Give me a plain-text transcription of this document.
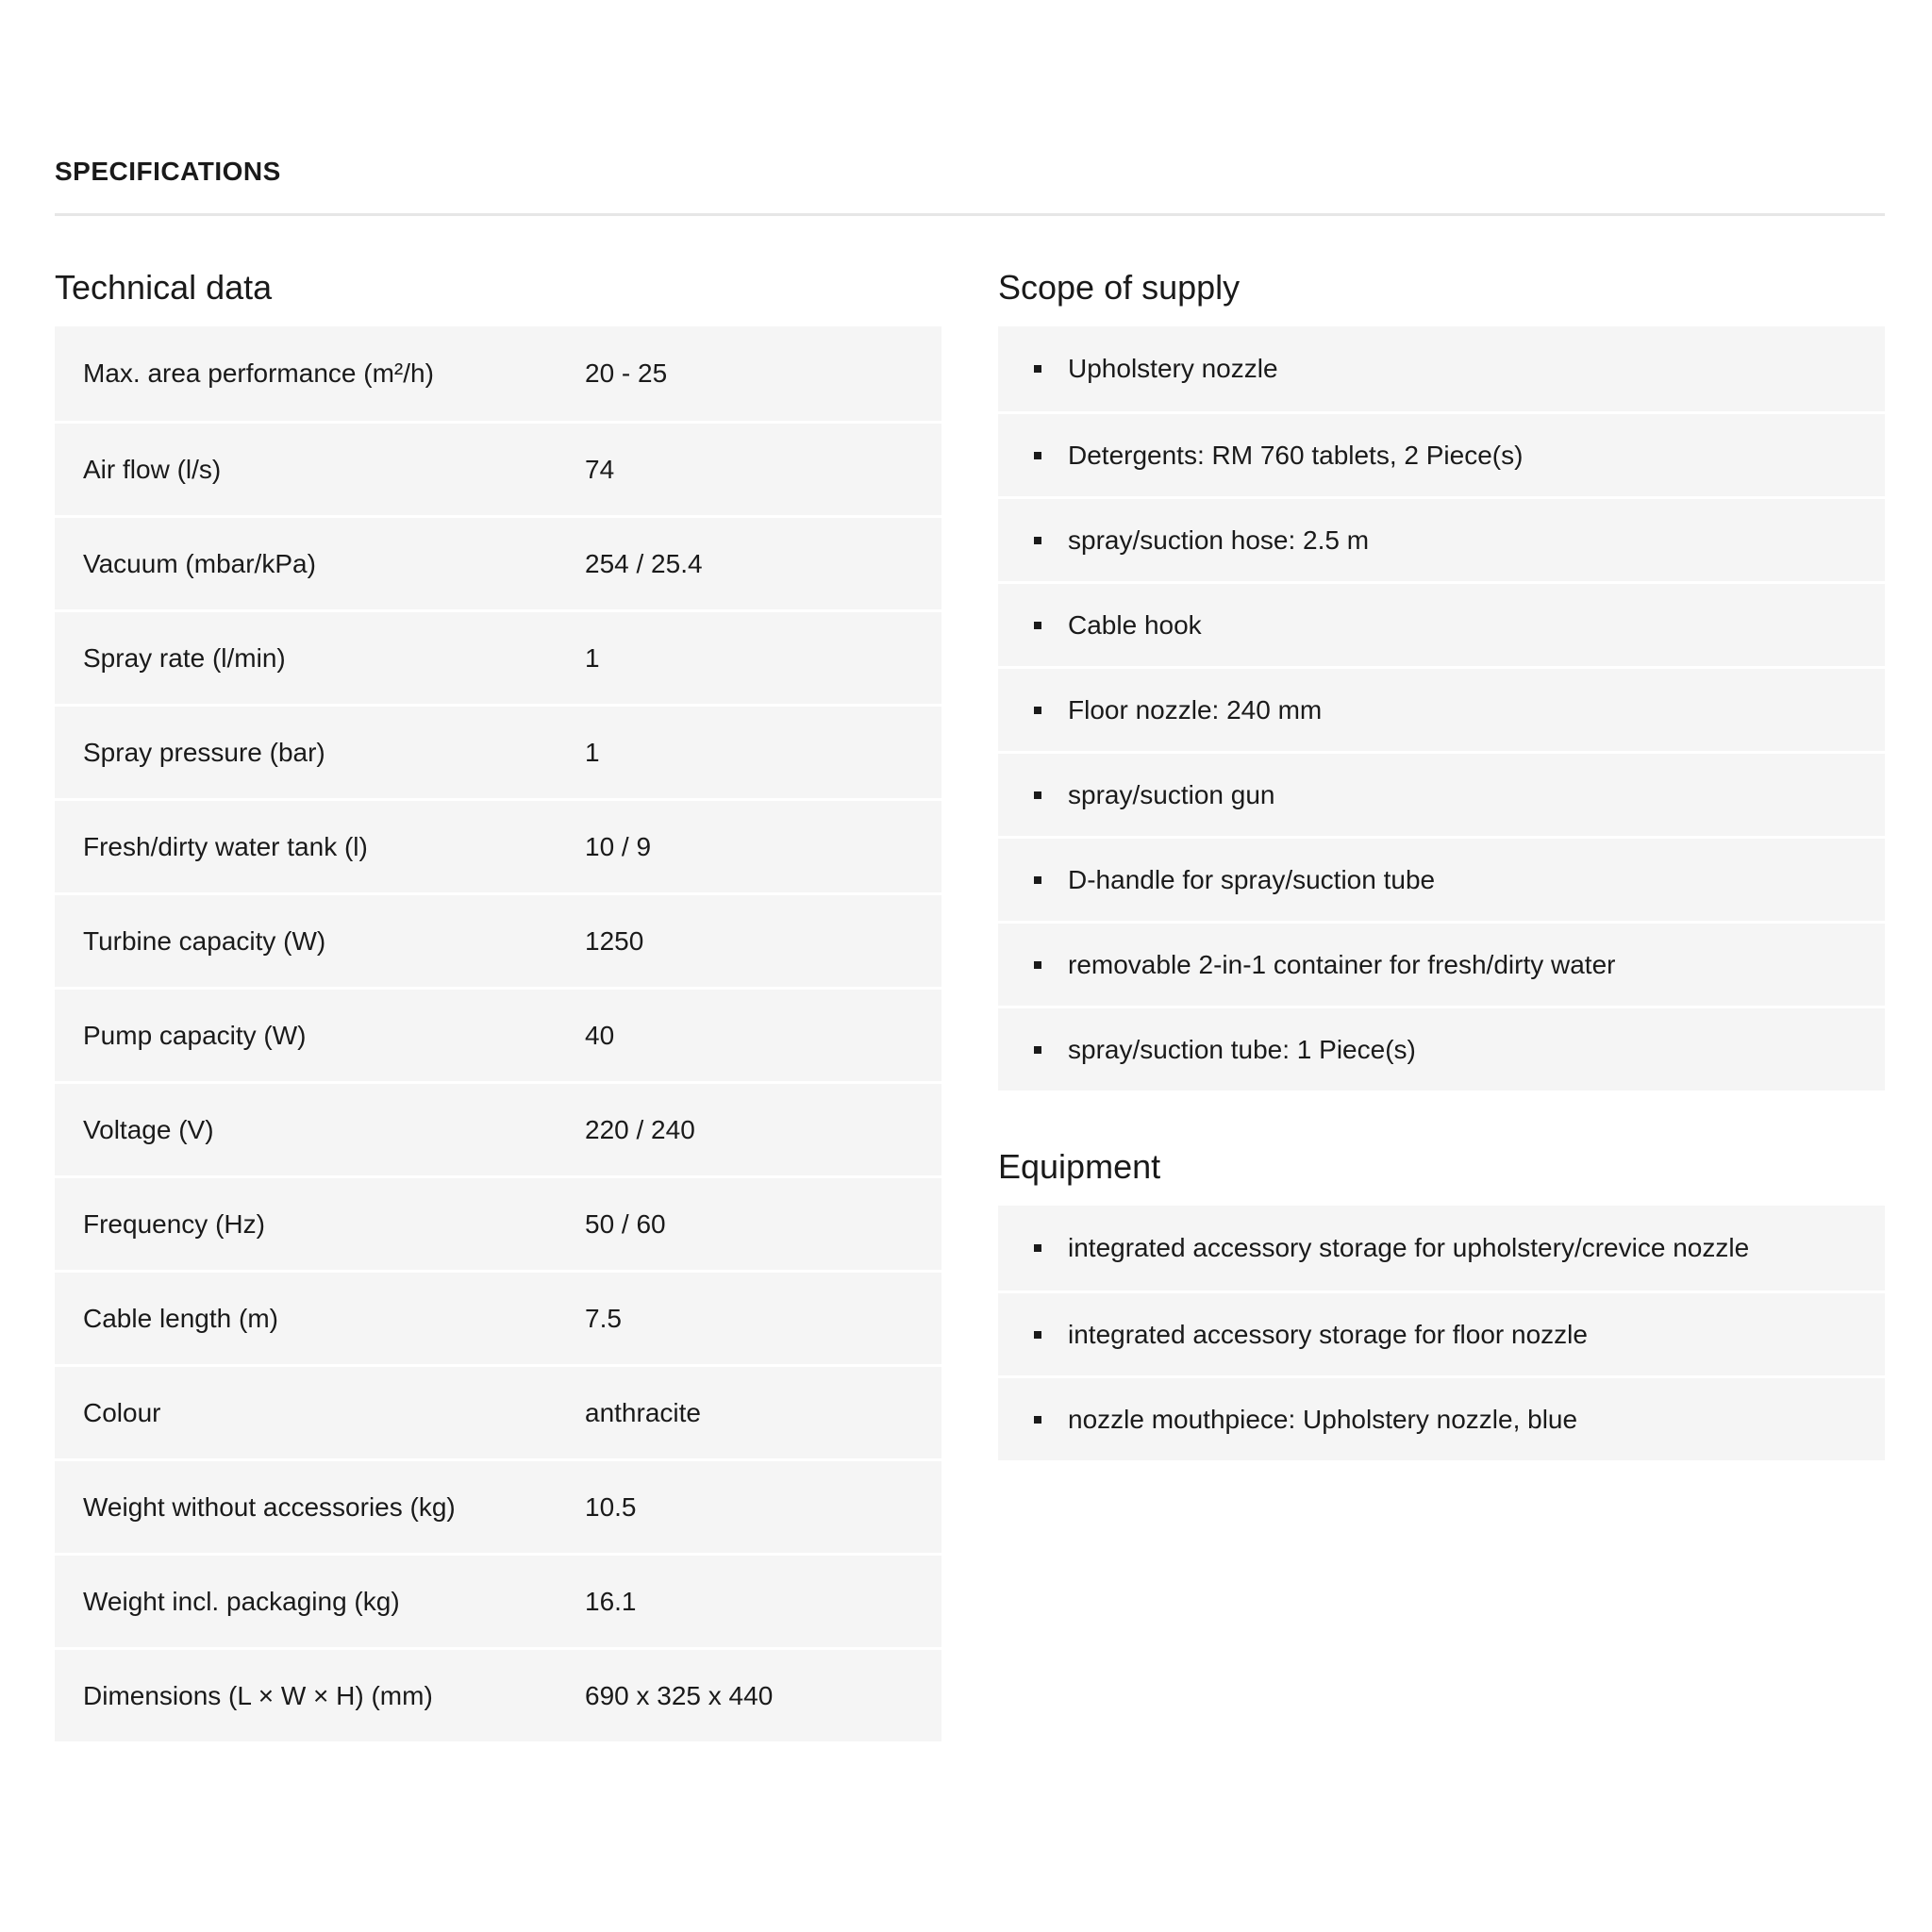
SPECIFICATIONS
Technical data
Max. area performance (m²/h)	20 - 25
Air flow (l/s)	74
Vacuum (mbar/kPa)	254 / 25.4
Spray rate (l/min)	1
Spray pressure (bar)	1
Fresh/dirty water tank (l)	10 / 9
Turbine capacity (W)	1250
Pump capacity (W)	40
Voltage (V)	220 / 240
Frequency (Hz)	50 / 60
Cable length (m)	7.5
Colour	anthracite
Weight without accessories (kg)	10.5
Weight incl. packaging (kg)	16.1
Dimensions (L × W × H) (mm)	690 x 325 x 440
Scope of supply
Upholstery nozzle
Detergents: RM 760 tablets, 2 Piece(s)
spray/suction hose: 2.5 m
Cable hook
Floor nozzle: 240 mm
spray/suction gun
D-handle for spray/suction tube
removable 2-in-1 container for fresh/dirty water
spray/suction tube: 1 Piece(s)
Equipment
integrated accessory storage for upholstery/crevice nozzle
integrated accessory storage for floor nozzle
nozzle mouthpiece: Upholstery nozzle, blue
